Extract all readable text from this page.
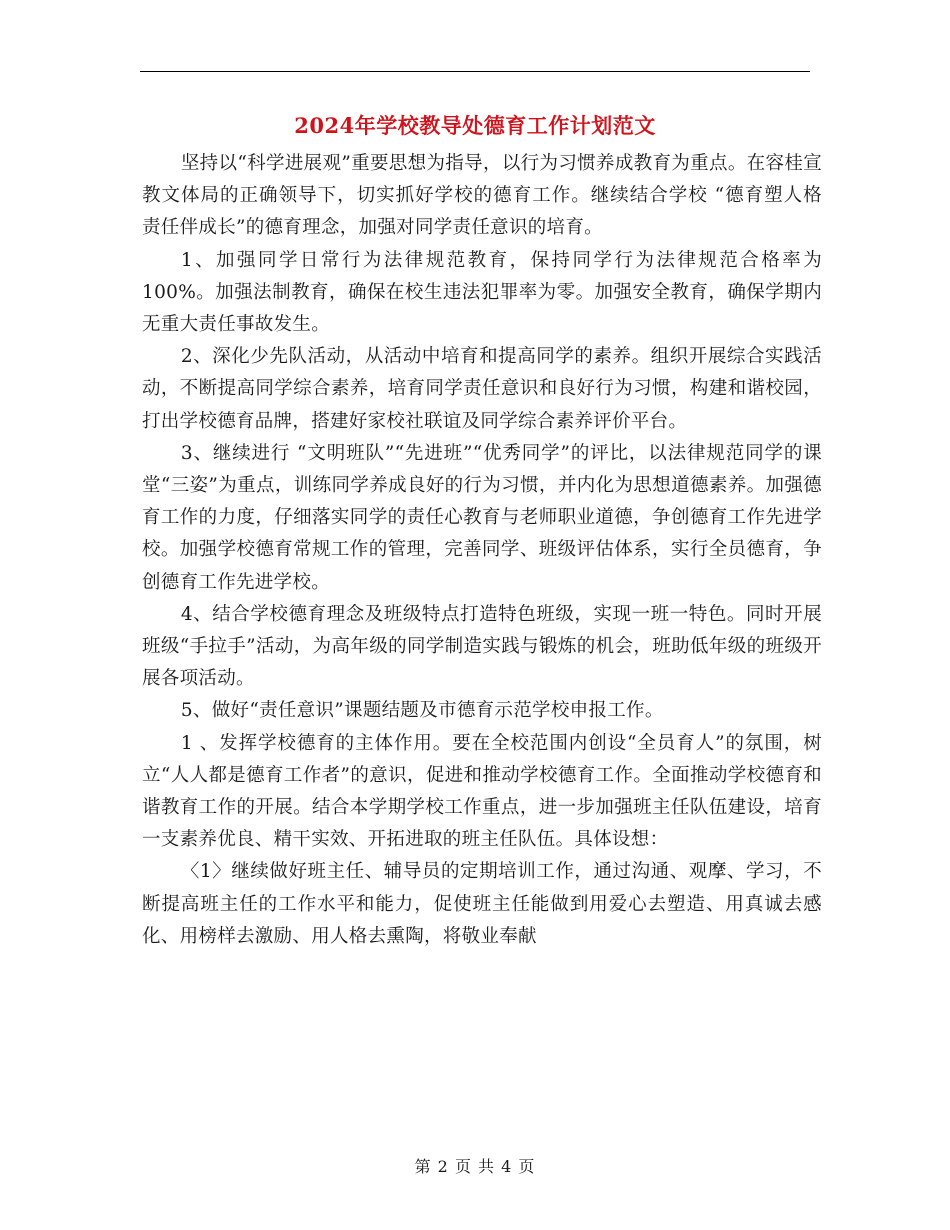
2024年学校教导处德育工作计划范文

坚持以“科学进展观”重要思想为指导，以行为习惯养成教育为重点。在容桂宣教文体局的正确领导下，切实抓好学校的德育工作。继续结合学校 “德育塑人格 责任伴成长”的德育理念，加强对同学责任意识的培育。

1、加强同学日常行为法律规范教育，保持同学行为法律规范合格率为100%。加强法制教育，确保在校生违法犯罪率为零。加强安全教育，确保学期内无重大责任事故发生。

2、深化少先队活动，从活动中培育和提高同学的素养。组织开展综合实践活动，不断提高同学综合素养，培育同学责任意识和良好行为习惯，构建和谐校园，打出学校德育品牌，搭建好家校社联谊及同学综合素养评价平台。

3、继续进行 “文明班队”“先进班”“优秀同学”的评比，以法律规范同学的课堂“三姿”为重点，训练同学养成良好的行为习惯，并内化为思想道德素养。加强德育工作的力度，仔细落实同学的责任心教育与老师职业道德，争创德育工作先进学校。加强学校德育常规工作的管理，完善同学、班级评估体系，实行全员德育，争创德育工作先进学校。

4、结合学校德育理念及班级特点打造特色班级，实现一班一特色。同时开展班级“手拉手”活动，为高年级的同学制造实践与锻炼的机会，班助低年级的班级开展各项活动。

5、做好“责任意识”课题结题及市德育示范学校申报工作。

1 、发挥学校德育的主体作用。要在全校范围内创设“全员育人”的氛围，树立“人人都是德育工作者”的意识，促进和推动学校德育工作。全面推动学校德育和谐教育工作的开展。结合本学期学校工作重点，进一步加强班主任队伍建设，培育一支素养优良、精干实效、开拓进取的班主任队伍。具体设想：

〈1〉继续做好班主任、辅导员的定期培训工作，通过沟通、观摩、学习，不断提高班主任的工作水平和能力，促使班主任能做到用爱心去塑造、用真诚去感化、用榜样去激励、用人格去熏陶，将敬业奉献

第 2 页 共 4 页
